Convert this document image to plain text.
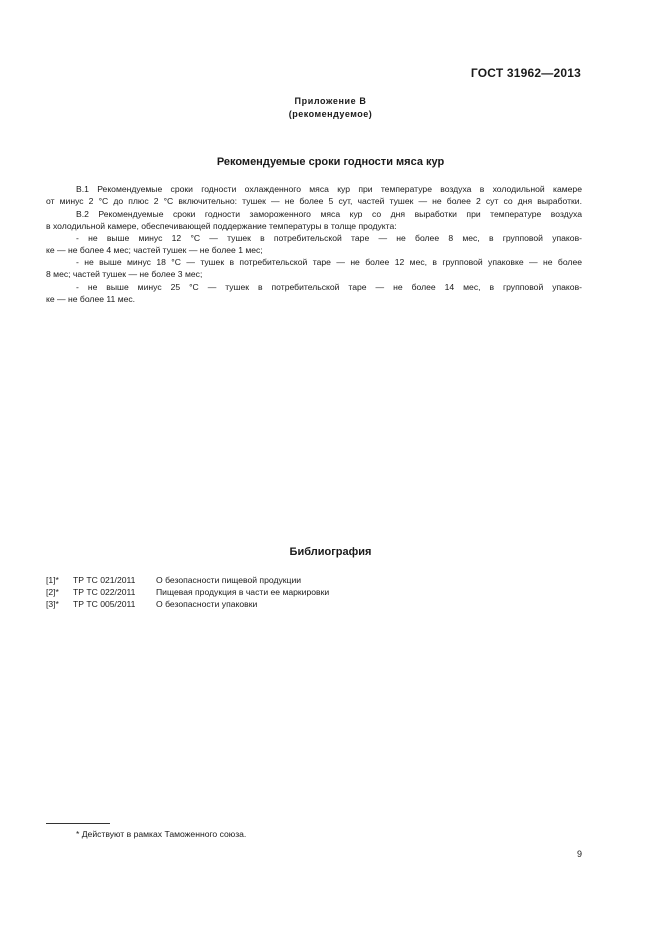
ГОСТ 31962—2013
Приложение В
(рекомендуемое)
Рекомендуемые сроки годности мяса кур
В.1 Рекомендуемые сроки годности охлажденного мяса кур при температуре воздуха в холодильной камере
от минус 2 °С до плюс 2 °С включительно: тушек — не более 5 сут, частей тушек — не более 2 сут со дня выработки.
В.2 Рекомендуемые сроки годности замороженного мяса кур со дня выработки при температуре воздуха
в холодильной камере, обеспечивающей поддержание температуры в толще продукта:
- не выше минус 12 °С — тушек в потребительской таре — не более 8 мес, в групповой упаков-
ке — не более 4 мес; частей тушек — не более 1 мес;
- не выше минус 18 °С — тушек в потребительской таре — не более 12 мес, в групповой упаковке — не более
8 мес; частей тушек — не более 3 мес;
- не выше минус 25 °С — тушек в потребительской таре — не более 14 мес, в групповой упаков-
ке — не более 11 мес.
Библиография
[1]* ТР ТС 021/2011 О безопасности пищевой продукции
[2]* ТР ТС 022/2011 Пищевая продукция в части ее маркировки
[3]* ТР ТС 005/2011 О безопасности упаковки
* Действуют в рамках Таможенного союза.
9
